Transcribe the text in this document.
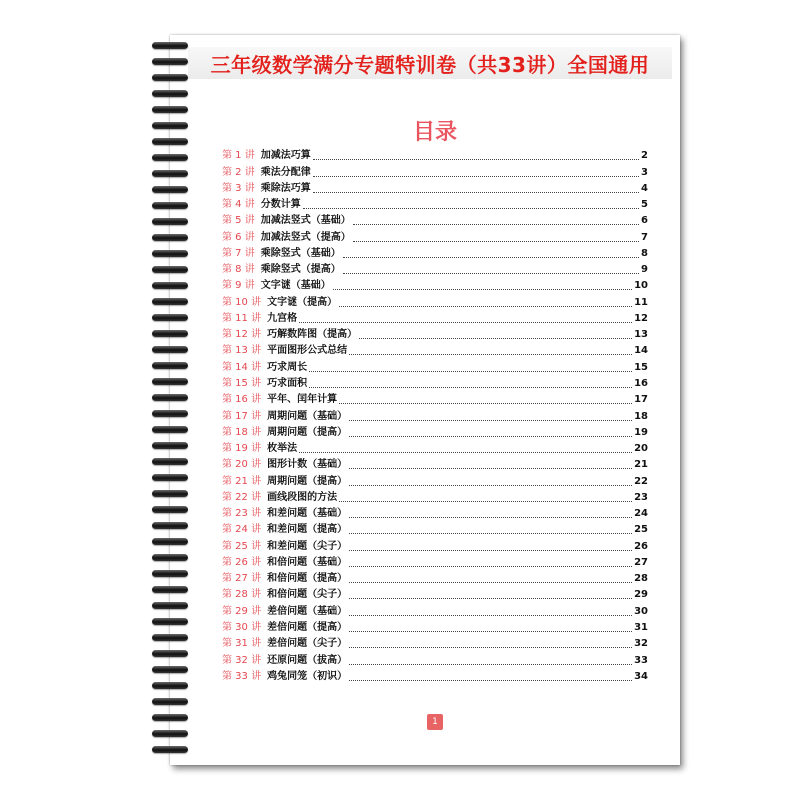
三年级数学满分专题特训卷（共33讲）全国通用
目录
第 1 讲 加减法巧算	2
第 2 讲 乘法分配律	3
第 3 讲 乘除法巧算	4
第 4 讲 分数计算	5
第 5 讲 加减法竖式（基础）	6
第 6 讲 加减法竖式（提高）	7
第 7 讲 乘除竖式（基础）	8
第 8 讲 乘除竖式（提高）	9
第 9 讲 文字谜（基础）	10
第 10 讲 文字谜（提高）	11
第 11 讲 九宫格	12
第 12 讲 巧解数阵图（提高）	13
第 13 讲 平面图形公式总结	14
第 14 讲 巧求周长	15
第 15 讲 巧求面积	16
第 16 讲 平年、闰年计算	17
第 17 讲 周期问题（基础）	18
第 18 讲 周期问题（提高）	19
第 19 讲 枚举法	20
第 20 讲 图形计数（基础）	21
第 21 讲 周期问题（提高）	22
第 22 讲 画线段图的方法	23
第 23 讲 和差问题（基础）	24
第 24 讲 和差问题（提高）	25
第 25 讲 和差问题（尖子）	26
第 26 讲 和倍问题（基础）	27
第 27 讲 和倍问题（提高）	28
第 28 讲 和倍问题（尖子）	29
第 29 讲 差倍问题（基础）	30
第 30 讲 差倍问题（提高）	31
第 31 讲 差倍问题（尖子）	32
第 32 讲 还原问题（拔高）	33
第 33 讲 鸡兔同笼（初识）	34
1
